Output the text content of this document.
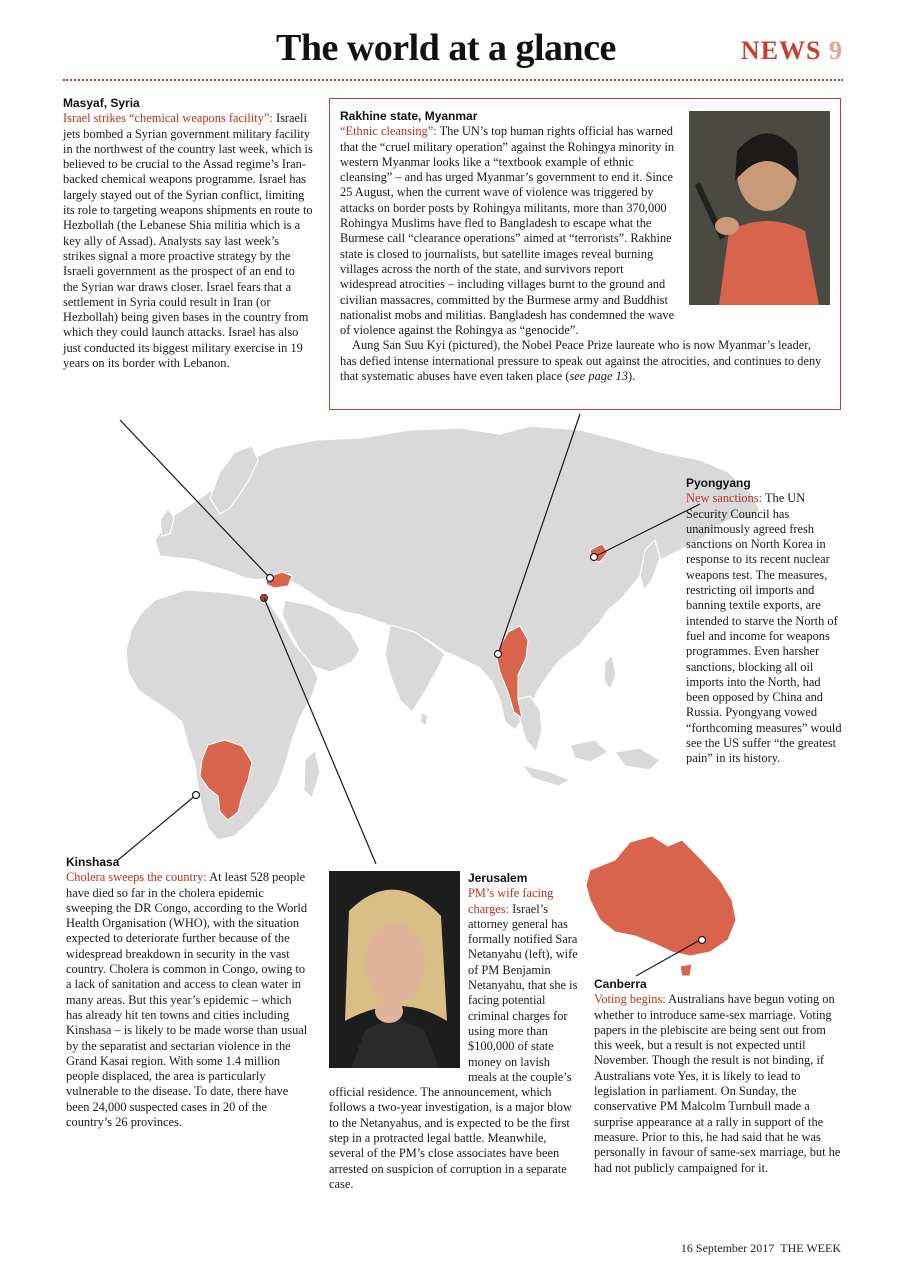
The world at a glance	NEWS 9
Masyaf, Syria
Israel strikes “chemical weapons facility”: Israeli jets bombed a Syrian government military facility in the northwest of the country last week, which is believed to be crucial to the Assad regime’s Iran-backed chemical weapons programme. Israel has largely stayed out of the Syrian conflict, limiting its role to targeting weapons shipments en route to Hezbollah (the Lebanese Shia militia which is a key ally of Assad). Analysts say last week’s strikes signal a more proactive strategy by the Israeli government as the prospect of an end to the Syrian war draws closer. Israel fears that a settlement in Syria could result in Iran (or Hezbollah) being given bases in the country from which they could launch attacks. Israel has also just conducted its biggest military exercise in 19 years on its border with Lebanon.
Rakhine state, Myanmar
“Ethnic cleansing”: The UN’s top human rights official has warned that the “cruel military operation” against the Rohingya minority in western Myanmar looks like a “textbook example of ethnic cleansing” – and has urged Myanmar’s government to end it. Since 25 August, when the current wave of violence was triggered by attacks on border posts by Rohingya militants, more than 370,000 Rohingya Muslims have fled to Bangladesh to escape what the Burmese call “clearance operations” aimed at “terrorists”. Rakhine state is closed to journalists, but satellite images reveal burning villages across the north of the state, and survivors report widespread atrocities – including villages burnt to the ground and civilian massacres, committed by the Burmese army and Buddhist nationalist mobs and militias. Bangladesh has condemned the wave of violence against the Rohingya as “genocide”.

Aung San Suu Kyi (pictured), the Nobel Peace Prize laureate who is now Myanmar’s leader, has defied intense international pressure to speak out against the atrocities, and continues to deny that systematic abuses have even taken place (see page 13).

Pyongyang
New sanctions: The UN Security Council has unanimously agreed fresh sanctions on North Korea in response to its recent nuclear weapons test. The measures, restricting oil imports and banning textile exports, are intended to starve the North of fuel and income for weapons programmes. Even harsher sanctions, blocking all oil imports into the North, had been opposed by China and Russia. Pyongyang vowed “forthcoming measures” would see the US suffer “the greatest pain” in its history.
Kinshasa
Cholera sweeps the country: At least 528 people have died so far in the cholera epidemic sweeping the DR Congo, according to the World Health Organisation (WHO), with the situation expected to deteriorate further because of the widespread breakdown in security in the vast country. Cholera is common in Congo, owing to a lack of sanitation and access to clean water in many areas. But this year’s epidemic – which has already hit ten towns and cities including Kinshasa – is likely to be made worse than usual by the separatist and sectarian violence in the Grand Kasai region. With some 1.4 million people displaced, the area is particularly vulnerable to the disease. To date, there have been 24,000 suspected cases in 20 of the country’s 26 provinces.
Jerusalem
PM’s wife facing charges: Israel’s attorney general has formally notified Sara Netanyahu (left), wife of PM Benjamin Netanyahu, that she is facing potential criminal charges for using more than $100,000 of state money on lavish meals at the couple’s official residence. The announcement, which follows a two-year investigation, is a major blow to the Netanyahus, and is expected to be the first step in a protracted legal battle. Meanwhile, several of the PM’s close associates have been arrested on suspicion of corruption in a separate case.
Canberra
Voting begins: Australians have begun voting on whether to introduce same-sex marriage. Voting papers in the plebiscite are being sent out from this week, but a result is not expected until November. Though the result is not binding, if Australians vote Yes, it is likely to lead to legislation in parliament. On Sunday, the conservative PM Malcolm Turnbull made a surprise appearance at a rally in support of the measure. Prior to this, he had said that he was personally in favour of same-sex marriage, but he had not publicly campaigned for it.
16 September 2017 THE WEEK
